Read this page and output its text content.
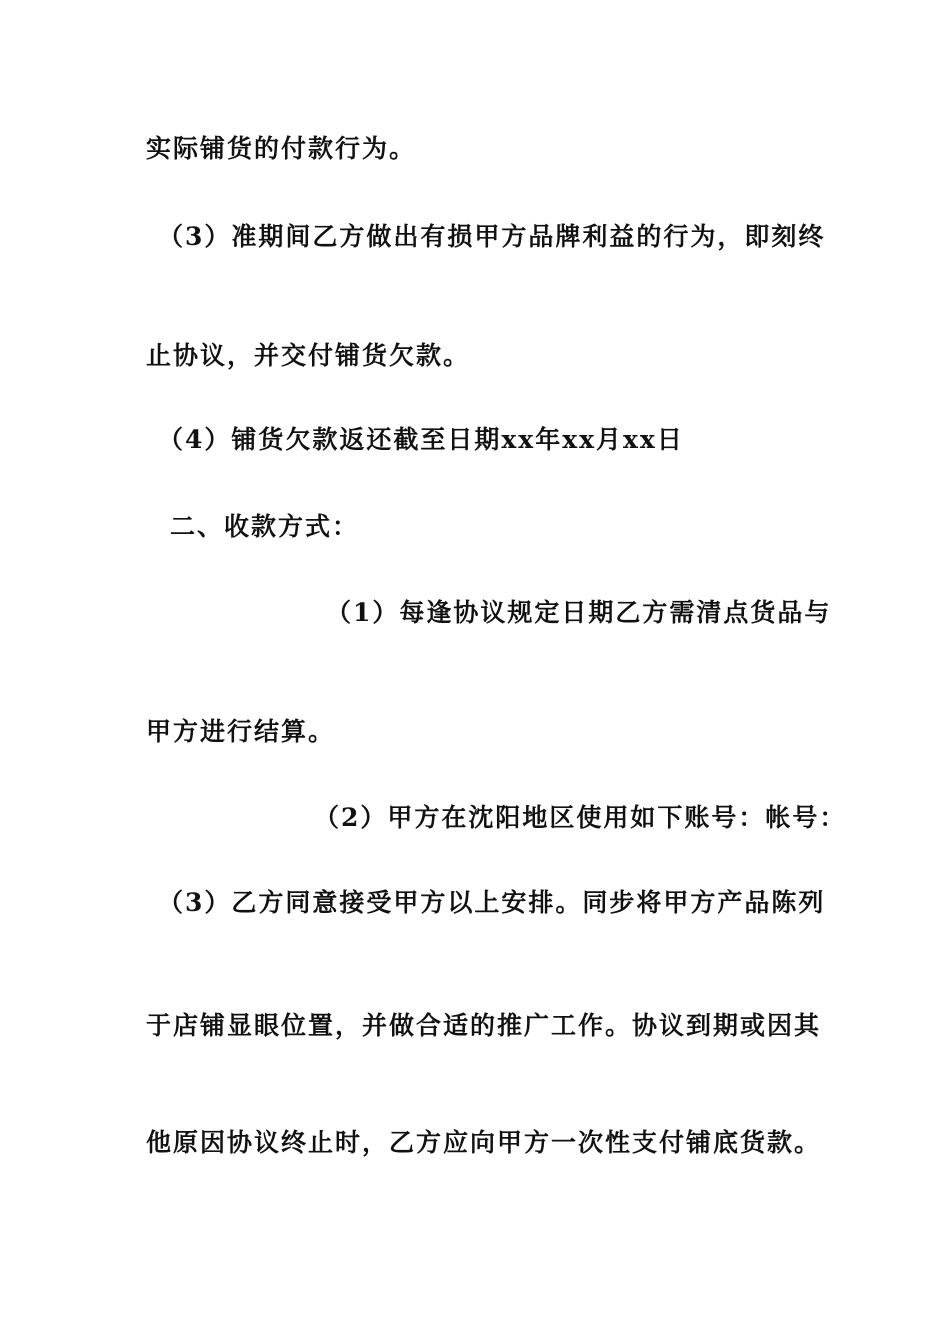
实际铺货的付款行为。
（3）准期间乙方做出有损甲方品牌利益的行为，即刻终
止协议，并交付铺货欠款。
（4）铺货欠款返还截至日期xx年xx月xx日
二、收款方式：
（1）每逢协议规定日期乙方需清点货品与
甲方进行结算。
（2）甲方在沈阳地区使用如下账号：帐号：
（3）乙方同意接受甲方以上安排。同步将甲方产品陈列
于店铺显眼位置，并做合适的推广工作。协议到期或因其
他原因协议终止时，乙方应向甲方一次性支付铺底货款。
